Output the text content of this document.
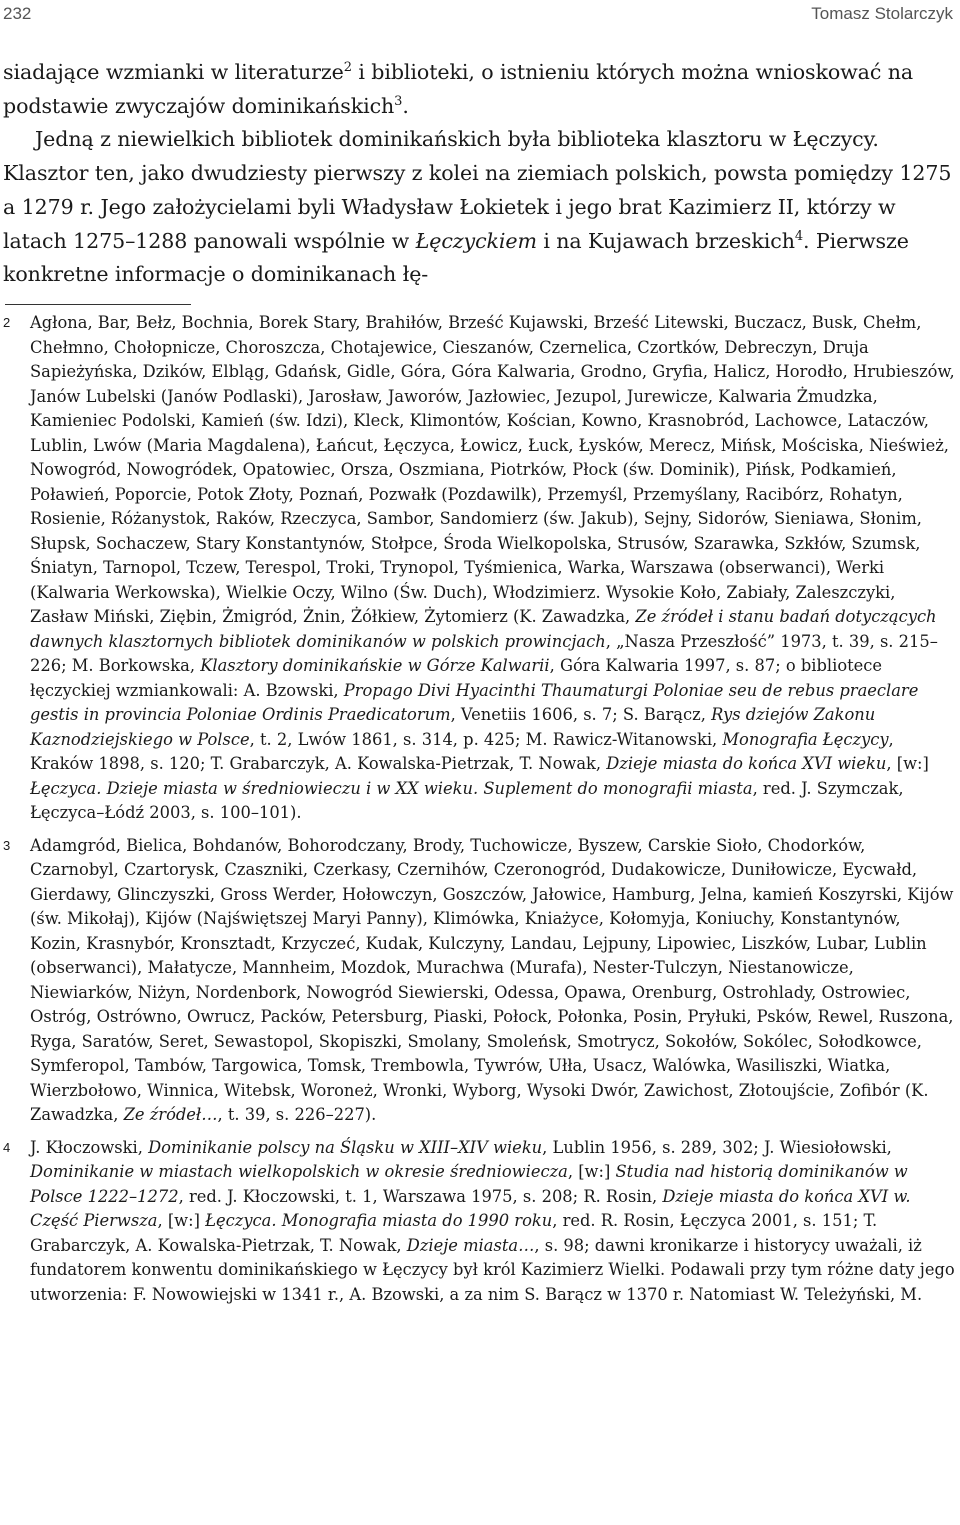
232	Tomasz Stolarczyk

siadające wzmianki w literaturze$^2$ i biblioteki, o istnieniu których można wnioskować na podstawie zwyczajów dominikańskich$^3$.

Jedną z niewielkich bibliotek dominikańskich była biblioteka klasztoru w Łęczycy. Klasztor ten, jako dwudziesty pierwszy z kolei na ziemiach polskich, powsta pomiędzy 1275 a 1279 r. Jego założycielami byli Władysław Łokietek i jego brat Kazimierz II, którzy w latach 1275–1288 panowali wspólnie w Łęczyckiem i na Kujawach brzeskich$^4$. Pierwsze konkretne informacje o dominikanach łę-

2 Agłona, Bar, Bełz, Bochnia, Borek Stary, Brahiłów, Brześć Kujawski, Brześć Litewski, Buczacz, Busk, Chełm, Chełmno, Chołopnicze, Choroszcza, Chotajewice, Cieszanów, Czernelica, Czortków, Debreczyn, Druja Sapieżyńska, Dzików, Elbląg, Gdańsk, Gidle, Góra, Góra Kalwaria, Grodno, Gryfia, Halicz, Horodło, Hrubieszów, Janów Lubelski (Janów Podlaski), Jarosław, Jaworów, Jazłowiec, Jezupol, Jurewicze, Kalwaria Żmudzka, Kamieniec Podolski, Kamień (św. Idzi), Kleck, Klimontów, Kościan, Kowno, Krasnobród, Lachowce, Lataczów, Lublin, Lwów (Maria Magdalena), Łańcut, Łęczyca, Łowicz, Łuck, Łysków, Merecz, Mińsk, Mościska, Nieśwież, Nowogród, Nowogródek, Opatowiec, Orsza, Oszmiana, Piotrków, Płock (św. Dominik), Pińsk, Podkamień, Poławień, Poporcie, Potok Złoty, Poznań, Pozwałk (Pozdawilk), Przemyśl, Przemyślany, Racibórz, Rohatyn, Rosienie, Różanystok, Raków, Rzeczyca, Sambor, Sandomierz (św. Jakub), Sejny, Sidorów, Sieniawa, Słonim, Słupsk, Sochaczew, Stary Konstantynów, Stołpce, Środa Wielkopolska, Strusów, Szarawka, Szkłów, Szumsk, Śniatyn, Tarnopol, Tczew, Terespol, Troki, Trynopol, Tyśmienica, Warka, Warszawa (obserwanci), Werki (Kalwaria Werkowska), Wielkie Oczy, Wilno (Św. Duch), Włodzimierz. Wysokie Koło, Zabiały, Zaleszczyki, Zasław Miński, Ziębin, Żmigród, Żnin, Żółkiew, Żytomierz (K. Zawadzka, Ze źródeł i stanu badań dotyczących dawnych klasztornych bibliotek dominikanów w polskich prowincjach, „Nasza Przeszłość” 1973, t. 39, s. 215–226; M. Borkowska, Klasztory dominikańskie w Górze Kalwarii, Góra Kalwaria 1997, s. 87; o bibliotece łęczyckiej wzmiankowali: A. Bzowski, Propago Divi Hyacinthi Thaumaturgi Poloniae seu de rebus praeclare gestis in provincia Poloniae Ordinis Praedicatorum, Venetiis 1606, s. 7; S. Barącz, Rys dziejów Zakonu Kaznodziejskiego w Polsce, t. 2, Lwów 1861, s. 314, p. 425; M. Rawicz-Witanowski, Monografia Łęczycy, Kraków 1898, s. 120; T. Grabarczyk, A. Kowalska-Pietrzak, T. Nowak, Dzieje miasta do końca XVI wieku, [w:] Łęczyca. Dzieje miasta w średniowieczu i w XX wieku. Suplement do monografii miasta, red. J. Szymczak, Łęczyca–Łódź 2003, s. 100–101).

3 Adamgród, Bielica, Bohdanów, Bohorodczany, Brody, Tuchowicze, Byszew, Carskie Sioło, Chodorków, Czarnobyl, Czartorysk, Czaszniki, Czerkasy, Czernihów, Czeronogród, Dudakowicze, Duniłowicze, Eycwałd, Gierdawy, Glinczyszki, Gross Werder, Hołowczyn, Goszczów, Jałowice, Hamburg, Jelna, kamień Koszyrski, Kijów (św. Mikołaj), Kijów (Najświętszej Maryi Panny), Klimówka, Kniażyce, Kołomyja, Koniuchy, Konstantynów, Kozin, Krasnybór, Kronsztadt, Krzyczeć, Kudak, Kulczyny, Landau, Lejpuny, Lipowiec, Liszków, Lubar, Lublin (obserwanci), Małatycze, Mannheim, Mozdok, Murachwa (Murafa), Nester-Tulczyn, Niestanowicze, Niewiarków, Niżyn, Nordenbork, Nowogród Siewierski, Odessa, Opawa, Orenburg, Ostrohlady, Ostrowiec, Ostróg, Ostrówno, Owrucz, Packów, Petersburg, Piaski, Połock, Połonka, Posin, Pryłuki, Psków, Rewel, Ruszona, Ryga, Saratów, Seret, Sewastopol, Skopiszki, Smolany, Smoleńsk, Smotrycz, Sokołów, Sokólec, Sołodkowce, Symferopol, Tambów, Targowica, Tomsk, Trembowla, Tywrów, Ułła, Usacz, Walówka, Wasiliszki, Wiatka, Wierzbołowo, Winnica, Witebsk, Woroneż, Wronki, Wyborg, Wysoki Dwór, Zawichost, Złotoujście, Zofibór (K. Zawadzka, Ze źródeł…, t. 39, s. 226–227).

4 J. Kłoczowski, Dominikanie polscy na Śląsku w XIII–XIV wieku, Lublin 1956, s. 289, 302; J. Wiesiołowski, Dominikanie w miastach wielkopolskich w okresie średniowiecza, [w:] Studia nad historią dominikanów w Polsce 1222–1272, red. J. Kłoczowski, t. 1, Warszawa 1975, s. 208; R. Rosin, Dzieje miasta do końca XVI w. Część Pierwsza, [w:] Łęczyca. Monografia miasta do 1990 roku, red. R. Rosin, Łęczyca 2001, s. 151; T. Grabarczyk, A. Kowalska-Pietrzak, T. Nowak, Dzieje miasta…, s. 98; dawni kronikarze i historycy uważali, iż fundatorem konwentu dominikańskiego w Łęczycy był król Kazimierz Wielki. Podawali przy tym różne daty jego utworzenia: F. Nowowiejski w 1341 r., A. Bzowski, a za nim S. Barącz w 1370 r. Natomiast W. Teleżyński, M.
